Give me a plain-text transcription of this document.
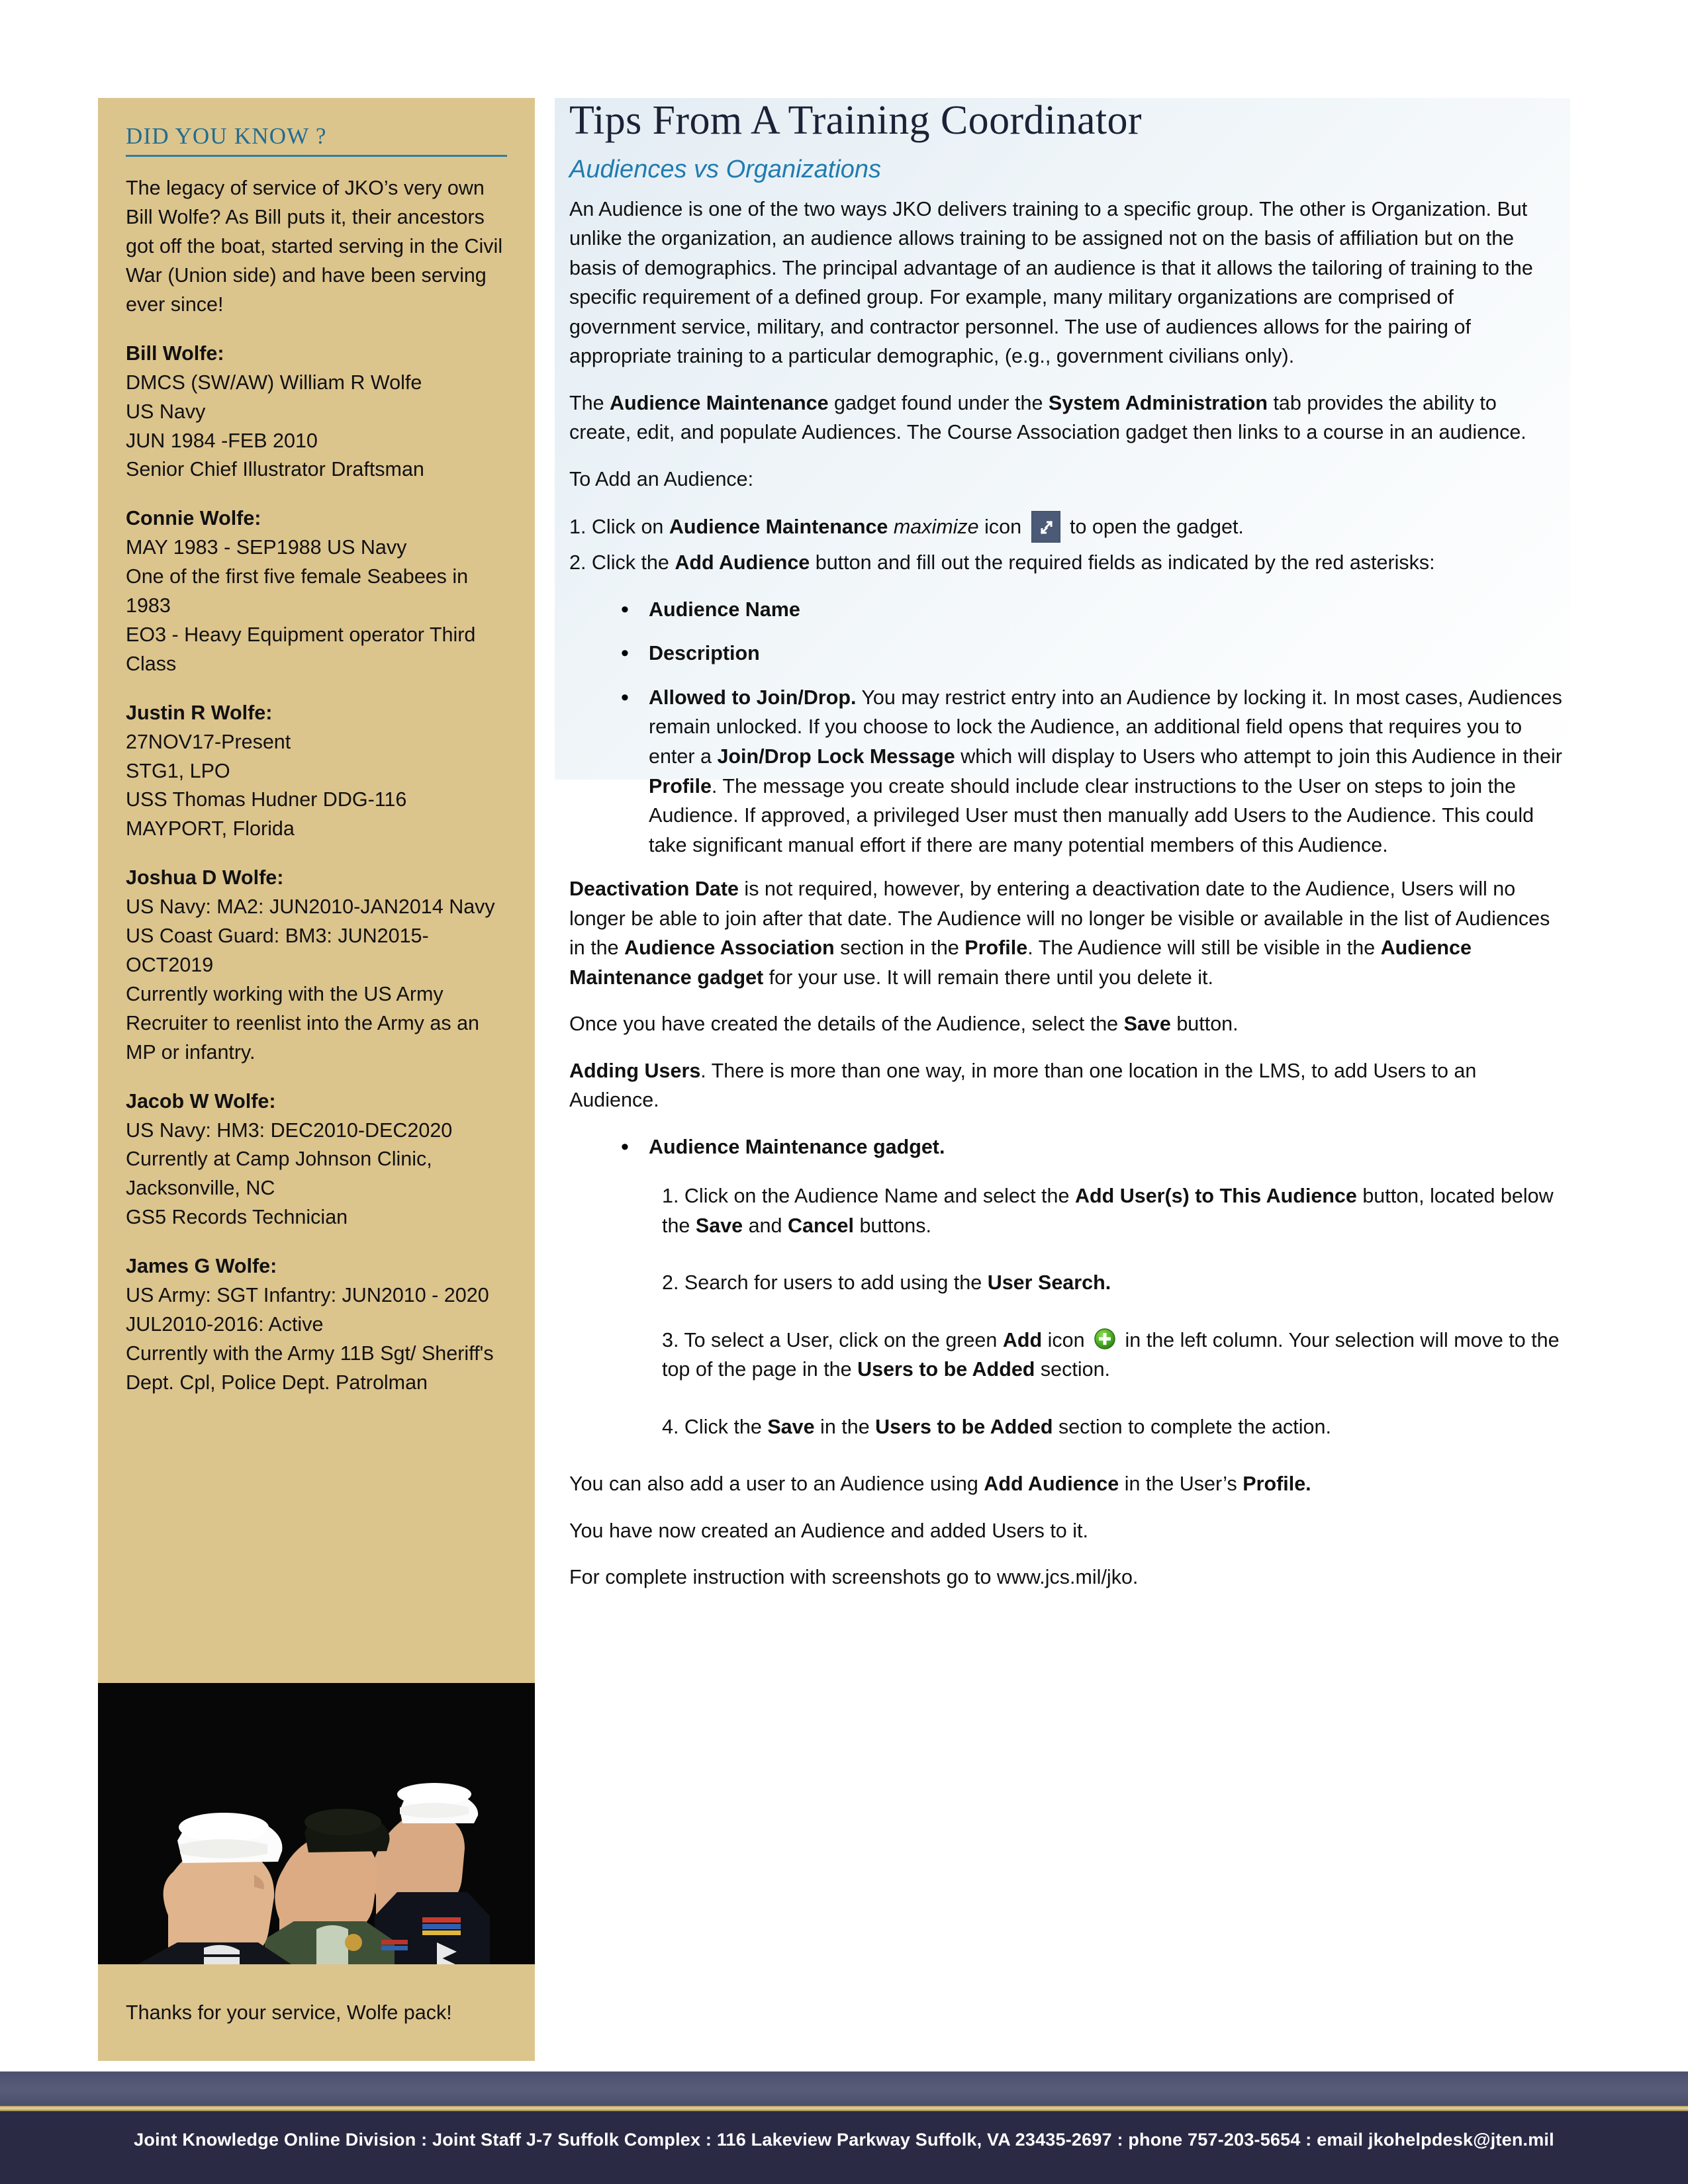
DID YOU KNOW ?
The legacy of service of JKO’s very own Bill Wolfe? As Bill puts it, their ancestors got off the boat, started serving in the Civil War (Union side) and have been serving ever since!
Bill Wolfe:
DMCS (SW/AW) William R Wolfe
US Navy
JUN 1984 -FEB 2010
Senior Chief Illustrator Draftsman
Connie Wolfe:
MAY 1983 - SEP1988 US Navy
One of the first five female Seabees in 1983
EO3 - Heavy Equipment operator Third Class
Justin R Wolfe:
27NOV17-Present
STG1, LPO
USS Thomas Hudner DDG-116 MAYPORT, Florida
Joshua D Wolfe:
US Navy: MA2: JUN2010-JAN2014 Navy
US Coast Guard: BM3: JUN2015-OCT2019
Currently working with the US Army Recruiter to reenlist into the Army as an MP or infantry.
Jacob W Wolfe:
US Navy: HM3: DEC2010-DEC2020
Currently at Camp Johnson Clinic, Jacksonville, NC
GS5 Records Technician
James G Wolfe:
US Army: SGT Infantry: JUN2010 - 2020
JUL2010-2016: Active
Currently with the Army 11B Sgt/ Sheriff's Dept. Cpl, Police Dept. Patrolman
Thanks for your service, Wolfe pack!
Tips From A Training Coordinator
Audiences vs Organizations

An Audience is one of the two ways JKO delivers training to a specific group. The other is Organization. But unlike the organization, an audience allows training to be assigned not on the basis of affiliation but on the basis of demographics. The principal advantage of an audience is that it allows the tailoring of training to the specific requirement of a defined group. For example, many military organizations are comprised of government service, military, and contractor personnel. The use of audiences allows for the pairing of appropriate training to a particular demographic, (e.g., government civilians only).

The Audience Maintenance gadget found under the System Administration tab provides the ability to create, edit, and populate Audiences. The Course Association gadget then links to a course in an audience.

To Add an Audience:

1. Click on Audience Maintenance maximize icon
to open the gadget.

2. Click the Add Audience button and fill out the required fields as indicated by the red asterisks:

• Audience Name
• Description
• Allowed to Join/Drop. You may restrict entry into an Audience by locking it. In most cases, Audiences remain unlocked. If you choose to lock the Audience, an additional field opens that requires you to enter a Join/Drop Lock Message which will display to Users who attempt to join this Audience in their Profile. The message you create should include clear instructions to the User on steps to join the Audience. If approved, a privileged User must then manually add Users to the Audience. This could take significant manual effort if there are many potential members of this Audience.

Deactivation Date is not required, however, by entering a deactivation date to the Audience, Users will no longer be able to join after that date. The Audience will no longer be visible or available in the list of Audiences in the Audience Association section in the Profile. The Audience will still be visible in the Audience Maintenance gadget for your use. It will remain there until you delete it.

Once you have created the details of the Audience, select the Save button.

Adding Users. There is more than one way, in more than one location in the LMS, to add Users to an Audience.

• Audience Maintenance gadget.
1. Click on the Audience Name and select the Add User(s) to This Audience button, located below the Save and Cancel buttons.
2. Search for users to add using the User Search.
3. To select a User, click on the green Add icon
in the left column. Your selection will move to the top of the page in the Users to be Added section.
4. Click the Save in the Users to be Added section to complete the action.

You can also add a user to an Audience using Add Audience in the User’s Profile.

You have now created an Audience and added Users to it.

For complete instruction with screenshots go to www.jcs.mil/jko.

Joint Knowledge Online Division : Joint Staff J-7 Suffolk Complex : 116 Lakeview Parkway Suffolk, VA 23435-2697 : phone 757-203-5654 : email jkohelpdesk@jten.mil
